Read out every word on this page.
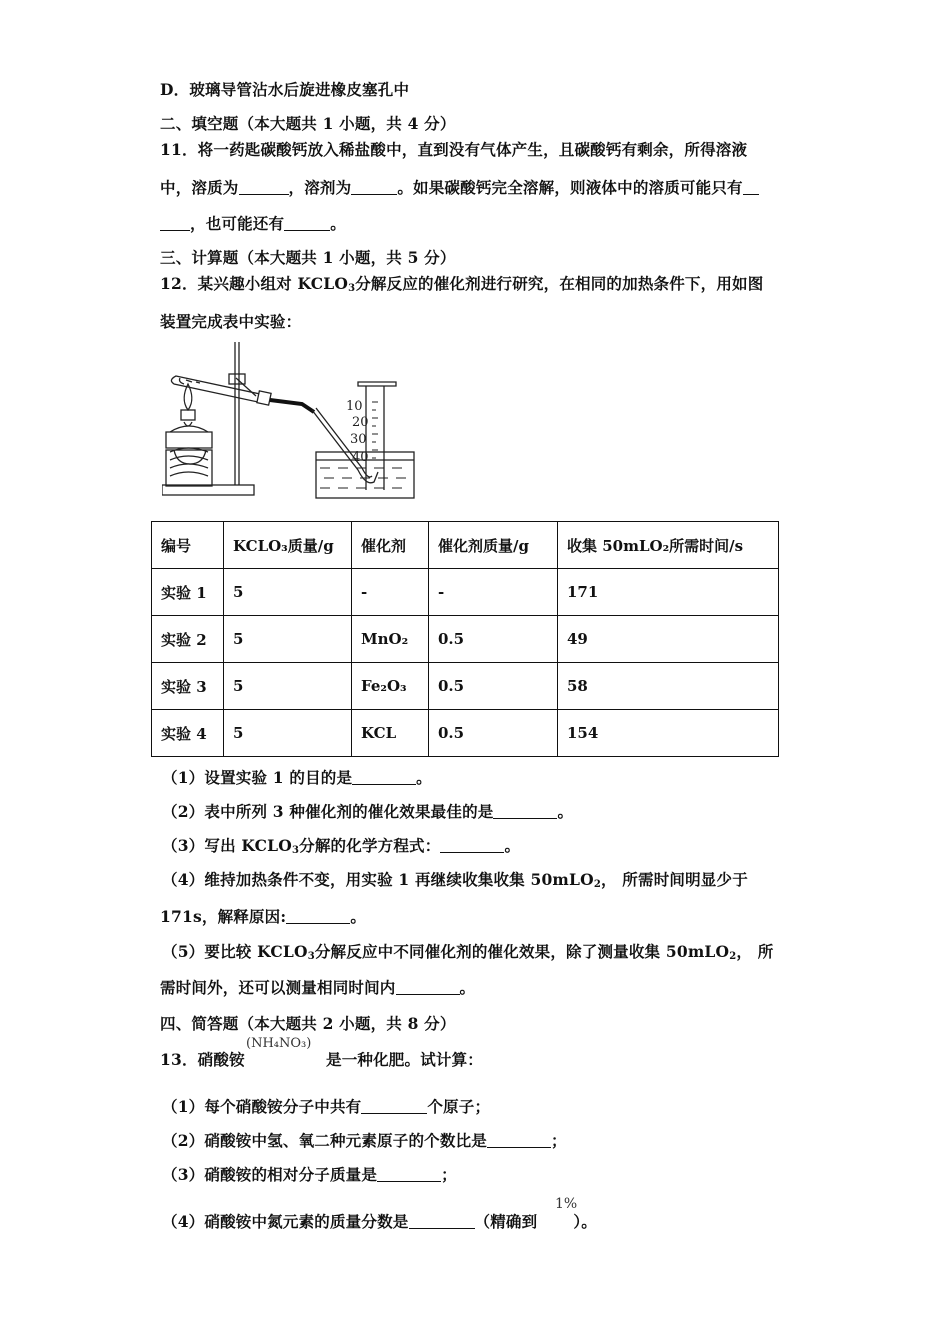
D．玻璃导管沾水后旋进橡皮塞孔中
二、填空题（本大题共 1 小题，共 4 分）
11．将一药匙碳酸钙放入稀盐酸中，直到没有气体产生，且碳酸钙有剩余，所得溶液
中，溶质为	，溶剂为	。如果碳酸钙完全溶解，则液体中的溶质可能只有
，也可能还有	。
三、计算题（本大题共 1 小题，共 5 分）
12．某兴趣小组对 $KCLO_3$分解反应的催化剂进行研究，在相同的加热条件下，用如图
装置完成表中实验：
10
20
30
40
编号	KCLO₃质量/g	催化剂	催化剂质量/g	收集 50mLO₂所需时间/s
实验 1	5	-	-	171
实验 2	5	MnO₂	0.5	49
实验 3	5	Fe₂O₃	0.5	58
实验 4	5	KCL	0.5	154
（1）设置实验 1 的目的是	。
（2）表中所列 3 种催化剂的催化效果最佳的是	。
（3）写出 $KCLO_3$分解的化学方程式：	。
（4）维持加热条件不变，用实验 1 再继续收集收集 50mLO$_2$， 所需时间明显少于
171s，解释原因:	。
（5）要比较 $KCLO_3$分解反应中不同催化剂的催化效果，除了测量收集 50mLO$_2$， 所
需时间外，还可以测量相同时间内	。
四、简答题（本大题共 2 小题，共 8 分）
13．硝酸铵
(NH₄NO₃)
是一种化肥。试计算：
（1）每个硝酸铵分子中共有	个原子；
（2）硝酸铵中氢、氧二种元素原子的个数比是	；
（3）硝酸铵的相对分子质量是	；
（4）硝酸铵中氮元素的质量分数是	（精确到 ）。
1%
